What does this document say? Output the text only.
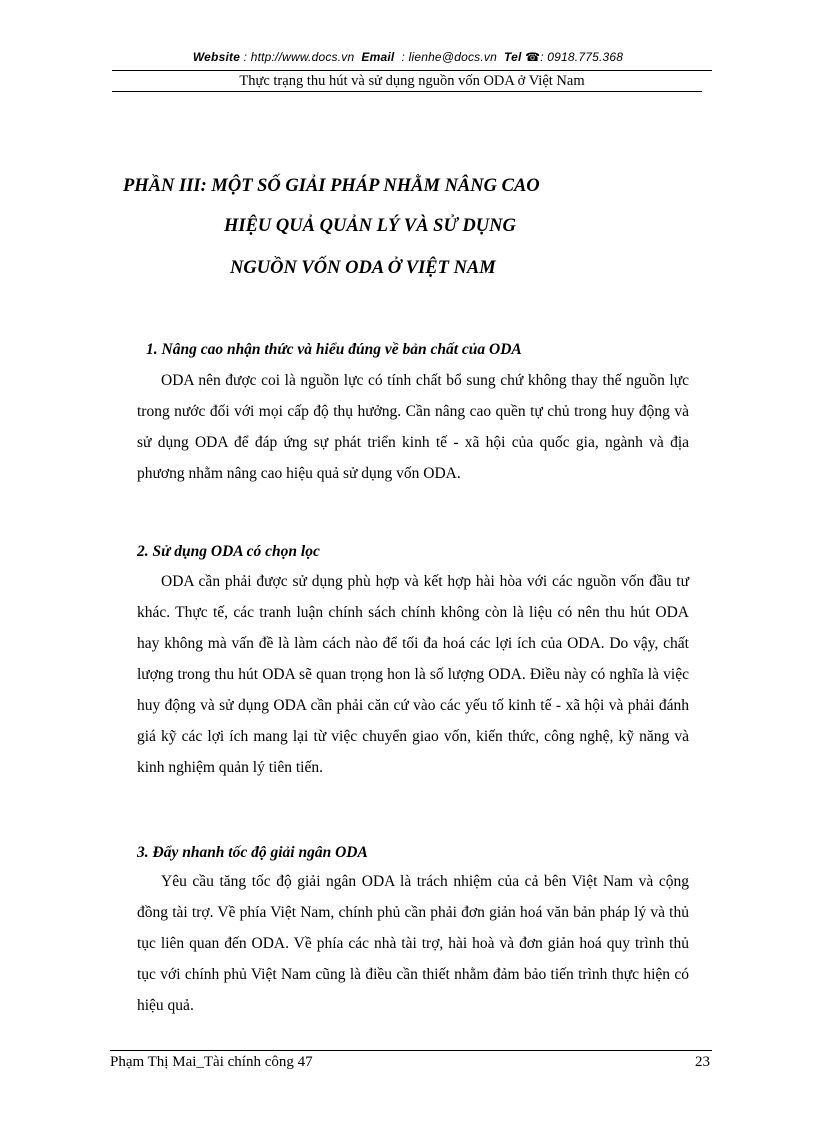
Website : http://www.docs.vn Email : lienhe@docs.vn Tel ☎: 0918.775.368
Thực trạng thu hút và sử dụng nguồn vốn ODA ở Việt Nam
PHẦN III: MỘT SỐ GIẢI PHÁP NHẰM NÂNG CAO
HIỆU QUẢ QUẢN LÝ VÀ SỬ DỤNG
NGUỒN VỐN ODA Ở VIỆT NAM
1. Nâng cao nhận thức và hiểu đúng về bản chất của ODA

ODA nên được coi là nguồn lực có tính chất bổ sung chứ không thay thế nguồn lực trong nước đối với mọi cấp độ thụ hưởng. Cần nâng cao quền tự chủ trong huy động và sử dụng ODA để đáp ứng sự phát triển kinh tế - xã hội của quốc gia, ngành và địa phương nhằm nâng cao hiệu quả sử dụng vốn ODA.

2. Sử dụng ODA có chọn lọc

ODA cần phải được sử dụng phù hợp và kết hợp hài hòa với các nguồn vốn đầu tư khác. Thực tế, các tranh luận chính sách chính không còn là liệu có nên thu hút ODA hay không mà vấn đề là làm cách nào để tối đa hoá các lợi ích của ODA. Do vậy, chất lượng trong thu hút ODA sẽ quan trọng hon là số lượng ODA. Điều này có nghĩa là việc huy động và sử dụng ODA cần phải căn cứ vào các yếu tố kinh tế - xã hội và phải đánh giá kỹ các lợi ích mang lại từ việc chuyển giao vốn, kiến thức, công nghệ, kỹ năng và kinh nghiệm quản lý tiên tiến.

3. Đẩy nhanh tốc độ giải ngân ODA

Yêu cầu tăng tốc độ giải ngân ODA là trách nhiệm của cả bên Việt Nam và cộng đồng tài trợ. Về phía Việt Nam, chính phủ cần phải đơn giản hoá văn bản pháp lý và thủ tục liên quan đến ODA. Về phía các nhà tài trợ, hài hoà và đơn giản hoá quy trình thủ tục với chính phủ Việt Nam cũng là điều cần thiết nhằm đảm bảo tiến trình thực hiện có hiệu quả.

Phạm Thị Mai_Tài chính công 47	23
